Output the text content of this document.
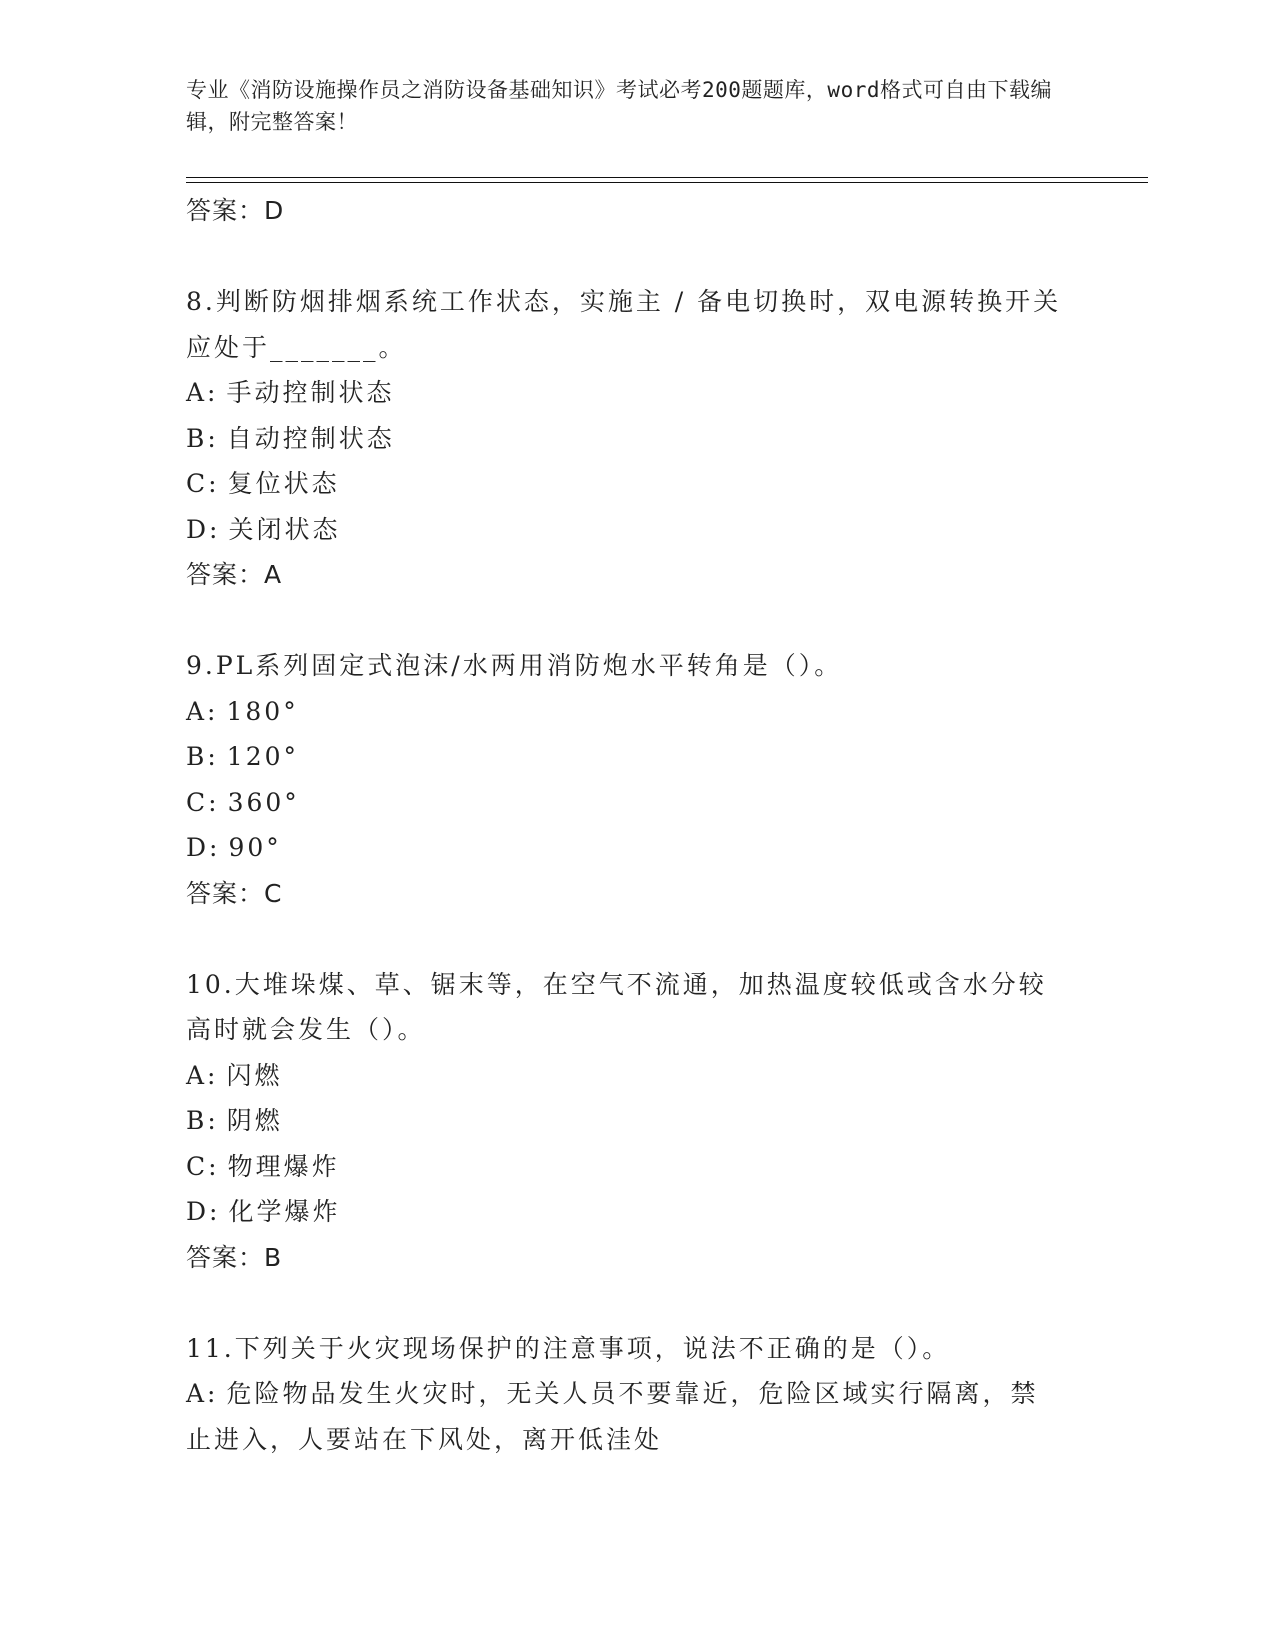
专业《消防设施操作员之消防设备基础知识》考试必考200题题库，word格式可自由下载编辑，附完整答案！
答案：D
8.判断防烟排烟系统工作状态，实施主 / 备电切换时，双电源转换开关应处于_______。
A: 手动控制状态
B: 自动控制状态
C: 复位状态
D: 关闭状态
答案：A
9.PL系列固定式泡沫/水两用消防炮水平转角是（）。
A: 180°
B: 120°
C: 360°
D: 90°
答案：C
10.大堆垛煤、草、锯末等，在空气不流通，加热温度较低或含水分较高时就会发生（）。
A: 闪燃
B: 阴燃
C: 物理爆炸
D: 化学爆炸
答案：B
11.下列关于火灾现场保护的注意事项，说法不正确的是（）。
A: 危险物品发生火灾时，无关人员不要靠近，危险区域实行隔离，禁止进入，人要站在下风处，离开低洼处
